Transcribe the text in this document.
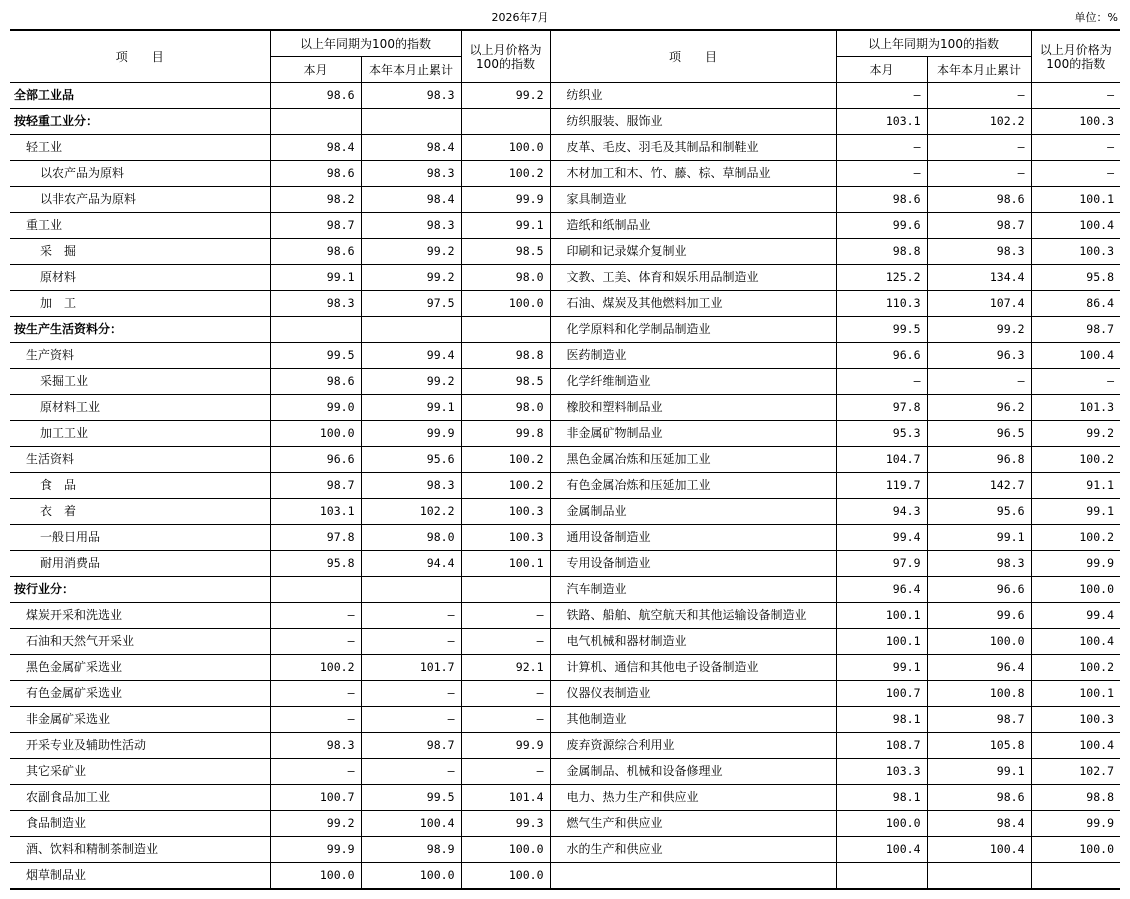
2026年7月	单位：%
项　　目	以上年同期为100的指数		以上月价格为100的指数	项　　目	以上年同期为100的指数		以上月价格为100的指数
	本月	本年本月止累计			本月	本年本月止累计	
全部工业品	98.6	98.3	99.2	纺织业	—	—	—
按轻重工业分：				纺织服装、服饰业	103.1	102.2	100.3
轻工业	98.4	98.4	100.0	皮革、毛皮、羽毛及其制品和制鞋业	—	—	—
以农产品为原料	98.6	98.3	100.2	木材加工和木、竹、藤、棕、草制品业	—	—	—
以非农产品为原料	98.2	98.4	99.9	家具制造业	98.6	98.6	100.1
重工业	98.7	98.3	99.1	造纸和纸制品业	99.6	98.7	100.4
采　掘	98.6	99.2	98.5	印刷和记录媒介复制业	98.8	98.3	100.3
原材料	99.1	99.2	98.0	文教、工美、体育和娱乐用品制造业	125.2	134.4	95.8
加　工	98.3	97.5	100.0	石油、煤炭及其他燃料加工业	110.3	107.4	86.4
按生产生活资料分：				化学原料和化学制品制造业	99.5	99.2	98.7
生产资料	99.5	99.4	98.8	医药制造业	96.6	96.3	100.4
采掘工业	98.6	99.2	98.5	化学纤维制造业	—	—	—
原材料工业	99.0	99.1	98.0	橡胶和塑料制品业	97.8	96.2	101.3
加工工业	100.0	99.9	99.8	非金属矿物制品业	95.3	96.5	99.2
生活资料	96.6	95.6	100.2	黑色金属冶炼和压延加工业	104.7	96.8	100.2
食　品	98.7	98.3	100.2	有色金属冶炼和压延加工业	119.7	142.7	91.1
衣　着	103.1	102.2	100.3	金属制品业	94.3	95.6	99.1
一般日用品	97.8	98.0	100.3	通用设备制造业	99.4	99.1	100.2
耐用消费品	95.8	94.4	100.1	专用设备制造业	97.9	98.3	99.9
按行业分：				汽车制造业	96.4	96.6	100.0
煤炭开采和洗选业	—	—	—	铁路、船舶、航空航天和其他运输设备制造业	100.1	99.6	99.4
石油和天然气开采业	—	—	—	电气机械和器材制造业	100.1	100.0	100.4
黑色金属矿采选业	100.2	101.7	92.1	计算机、通信和其他电子设备制造业	99.1	96.4	100.2
有色金属矿采选业	—	—	—	仪器仪表制造业	100.7	100.8	100.1
非金属矿采选业	—	—	—	其他制造业	98.1	98.7	100.3
开采专业及辅助性活动	98.3	98.7	99.9	废弃资源综合利用业	108.7	105.8	100.4
其它采矿业	—	—	—	金属制品、机械和设备修理业	103.3	99.1	102.7
农副食品加工业	100.7	99.5	101.4	电力、热力生产和供应业	98.1	98.6	98.8
食品制造业	99.2	100.4	99.3	燃气生产和供应业	100.0	98.4	99.9
酒、饮料和精制茶制造业	99.9	98.9	100.0	水的生产和供应业	100.4	100.4	100.0
烟草制品业	100.0	100.0	100.0				
